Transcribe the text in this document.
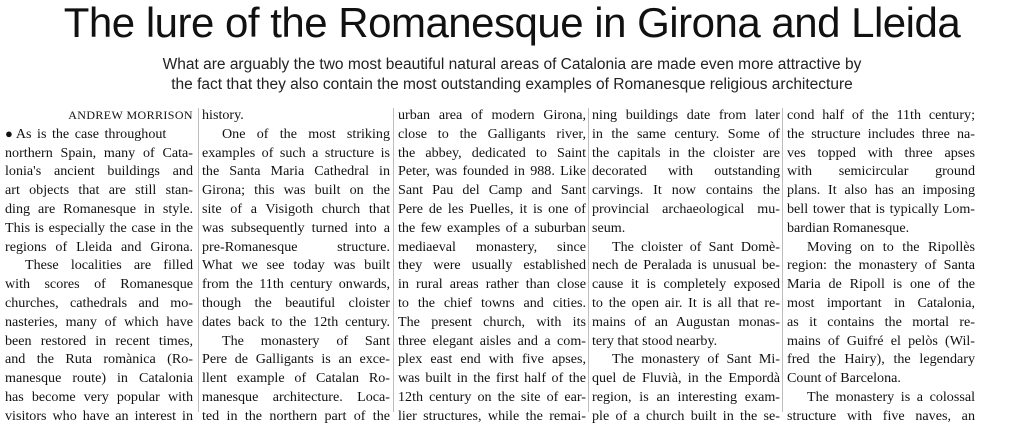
The lure of the Romanesque in Girona and Lleida
What are arguably the two most beautiful natural areas of Catalonia are made even more attractive by
the fact that they also contain the most outstanding examples of Romanesque religious architecture
ANDREW MORRISON
● As is the case throughout
northern Spain, many of Cata-
lonia's ancient buildings and
art objects that are still stan-
ding are Romanesque in style.
This is especially the case in the
regions of Lleida and Girona.
These localities are filled
with scores of Romanesque
churches, cathedrals and mo-
nasteries, many of which have
been restored in recent times,
and the Ruta romànica (Ro-
manesque route) in Catalonia
has become very popular with
visitors who have an interest in
history.
One of the most striking
examples of such a structure is
the Santa Maria Cathedral in
Girona; this was built on the
site of a Visigoth church that
was subsequently turned into a
pre-Romanesque structure.
What we see today was built
from the 11th century onwards,
though the beautiful cloister
dates back to the 12th century.
The monastery of Sant
Pere de Galligants is an exce-
llent example of Catalan Ro-
manesque architecture. Loca-
ted in the northern part of the
urban area of modern Girona,
close to the Galligants river,
the abbey, dedicated to Saint
Peter, was founded in 988. Like
Sant Pau del Camp and Sant
Pere de les Puelles, it is one of
the few examples of a suburban
mediaeval monastery, since
they were usually established
in rural areas rather than close
to the chief towns and cities.
The present church, with its
three elegant aisles and a com-
plex east end with five apses,
was built in the first half of the
12th century on the site of ear-
lier structures, while the remai-
ning buildings date from later
in the same century. Some of
the capitals in the cloister are
decorated with outstanding
carvings. It now contains the
provincial archaeological mu-
seum.
The cloister of Sant Domè-
nech de Peralada is unusual be-
cause it is completely exposed
to the open air. It is all that re-
mains of an Augustan monas-
tery that stood nearby.
The monastery of Sant Mi-
quel de Fluvià, in the Empordà
region, is an interesting exam-
ple of a church built in the se-
cond half of the 11th century;
the structure includes three na-
ves topped with three apses
with semicircular ground
plans. It also has an imposing
bell tower that is typically Lom-
bardian Romanesque.
Moving on to the Ripollès
region: the monastery of Santa
Maria de Ripoll is one of the
most important in Catalonia,
as it contains the mortal re-
mains of Guifré el pelòs (Wil-
fred the Hairy), the legendary
Count of Barcelona.
The monastery is a colossal
structure with five naves, an
